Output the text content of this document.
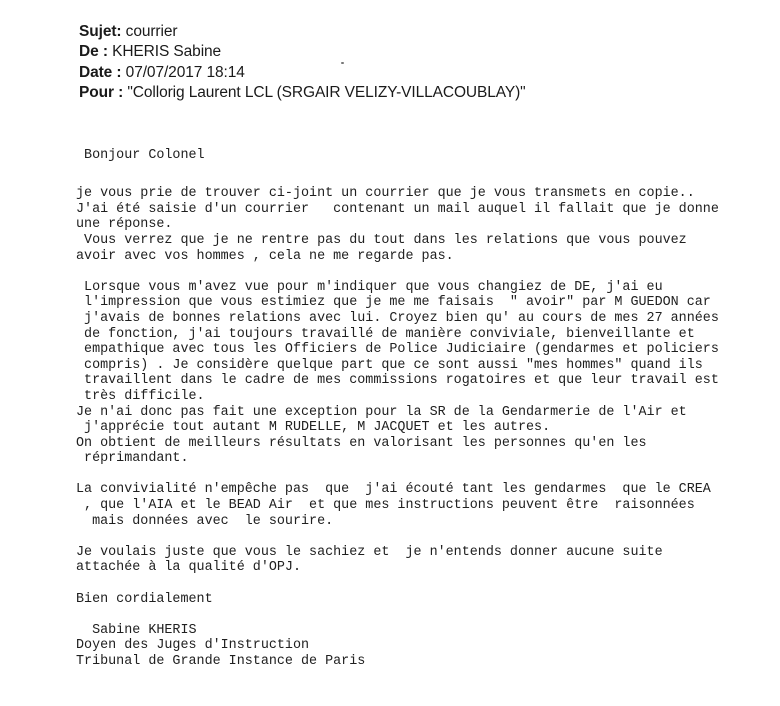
Sujet: courrier
De : KHERIS Sabine
Date : 07/07/2017 18:14
Pour : "Collorig Laurent LCL (SRGAIR VELIZY-VILLACOUBLAY)"
Bonjour Colonel
je vous prie de trouver ci-joint un courrier que je vous transmets en copie..
J'ai été saisie d'un courrier   contenant un mail auquel il fallait que je donne
une réponse.
Vous verrez que je ne rentre pas du tout dans les relations que vous pouvez
avoir avec vos hommes , cela ne me regarde pas.
Lorsque vous m'avez vue pour m'indiquer que vous changiez de DE, j'ai eu
l'impression que vous estimiez que je me me faisais  " avoir" par M GUEDON car
j'avais de bonnes relations avec lui. Croyez bien qu' au cours de mes 27 années
de fonction, j'ai toujours travaillé de manière conviviale, bienveillante et
empathique avec tous les Officiers de Police Judiciaire (gendarmes et policiers
compris) . Je considère quelque part que ce sont aussi "mes hommes" quand ils
travaillent dans le cadre de mes commissions rogatoires et que leur travail est
très difficile.
Je n'ai donc pas fait une exception pour la SR de la Gendarmerie de l'Air et
j'apprécie tout autant M RUDELLE, M JACQUET et les autres.
On obtient de meilleurs résultats en valorisant les personnes qu'en les
réprimandant.
La convivialité n'empêche pas  que  j'ai écouté tant les gendarmes  que le CREA
, que l'AIA et le BEAD Air  et que mes instructions peuvent être  raisonnées
mais données avec  le sourire.
Je voulais juste que vous le sachiez et  je n'entends donner aucune suite
attachée à la qualité d'OPJ.
Bien cordialement
Sabine KHERIS
Doyen des Juges d'Instruction
Tribunal de Grande Instance de Paris
